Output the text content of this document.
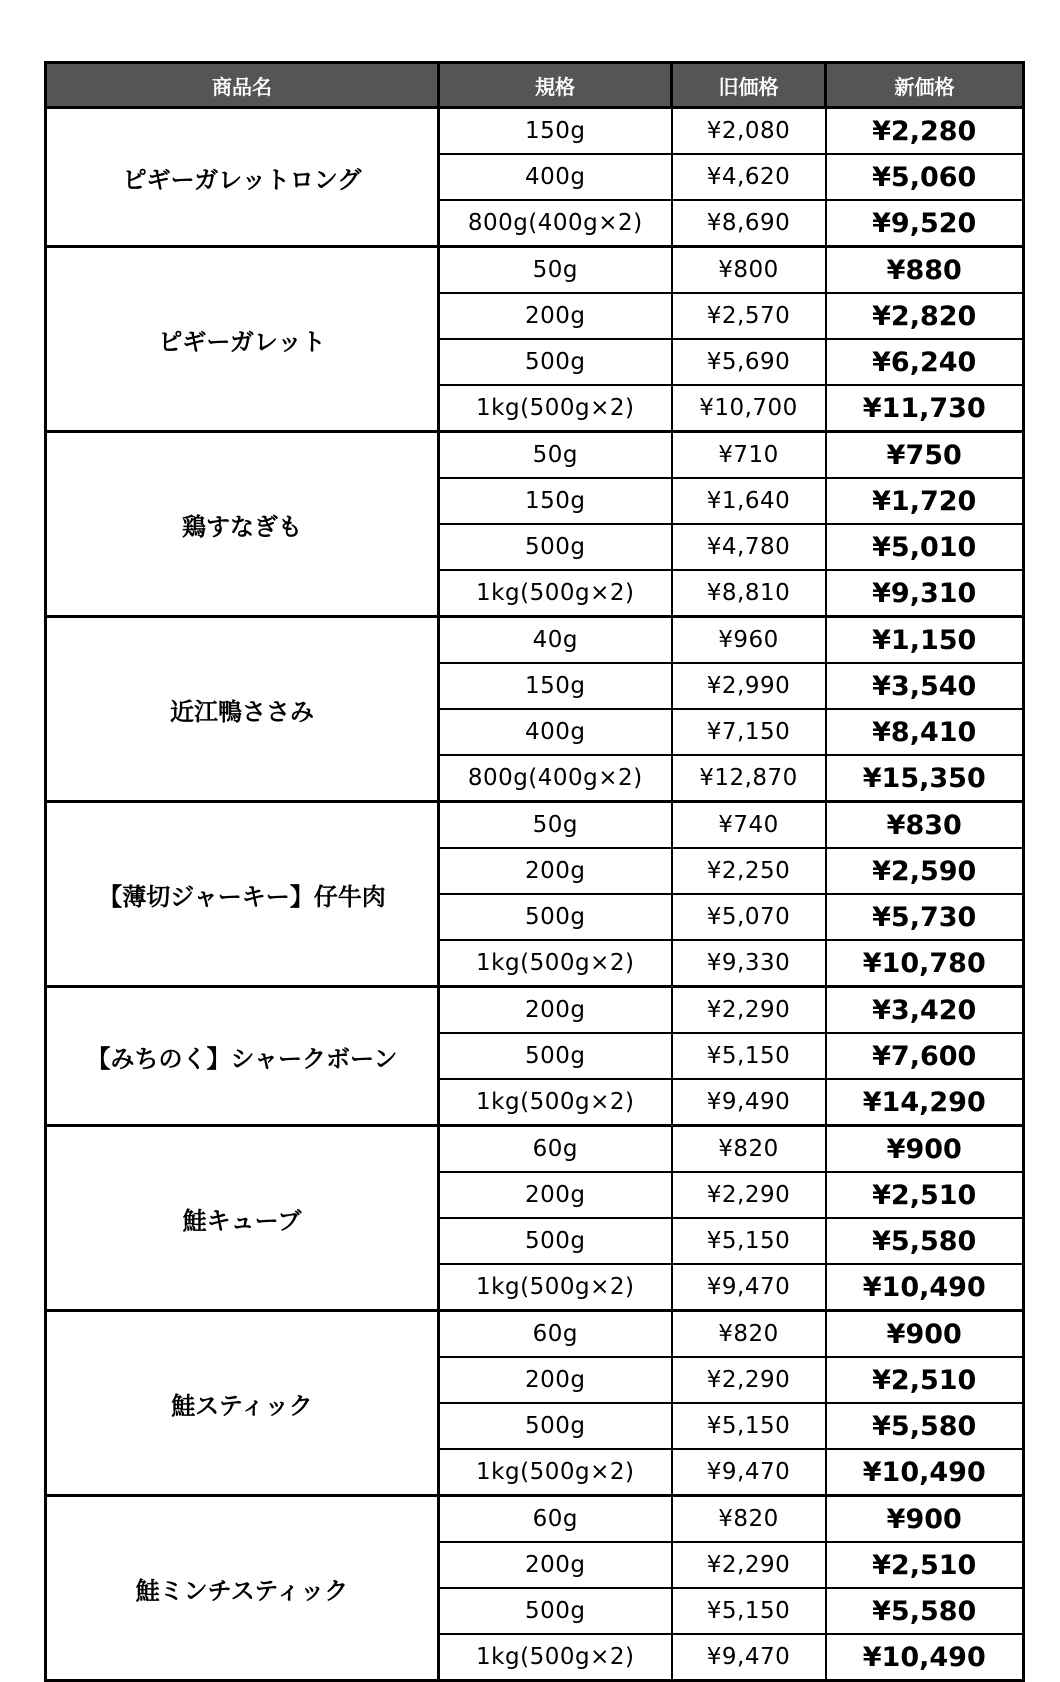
商品名	規格	旧価格	新価格
ピギーガレットロング	150g	¥2,080	¥2,280
	400g	¥4,620	¥5,060
	800g(400g×2)	¥8,690	¥9,520
ピギーガレット	50g	¥800	¥880
	200g	¥2,570	¥2,820
	500g	¥5,690	¥6,240
	1kg(500g×2)	¥10,700	¥11,730
鶏すなぎも	50g	¥710	¥750
	150g	¥1,640	¥1,720
	500g	¥4,780	¥5,010
	1kg(500g×2)	¥8,810	¥9,310
近江鴨ささみ	40g	¥960	¥1,150
	150g	¥2,990	¥3,540
	400g	¥7,150	¥8,410
	800g(400g×2)	¥12,870	¥15,350
【薄切ジャーキー】仔牛肉	50g	¥740	¥830
	200g	¥2,250	¥2,590
	500g	¥5,070	¥5,730
	1kg(500g×2)	¥9,330	¥10,780
【みちのく】シャークボーン	200g	¥2,290	¥3,420
	500g	¥5,150	¥7,600
	1kg(500g×2)	¥9,490	¥14,290
鮭キューブ	60g	¥820	¥900
	200g	¥2,290	¥2,510
	500g	¥5,150	¥5,580
	1kg(500g×2)	¥9,470	¥10,490
鮭スティック	60g	¥820	¥900
	200g	¥2,290	¥2,510
	500g	¥5,150	¥5,580
	1kg(500g×2)	¥9,470	¥10,490
鮭ミンチスティック	60g	¥820	¥900
	200g	¥2,290	¥2,510
	500g	¥5,150	¥5,580
	1kg(500g×2)	¥9,470	¥10,490
